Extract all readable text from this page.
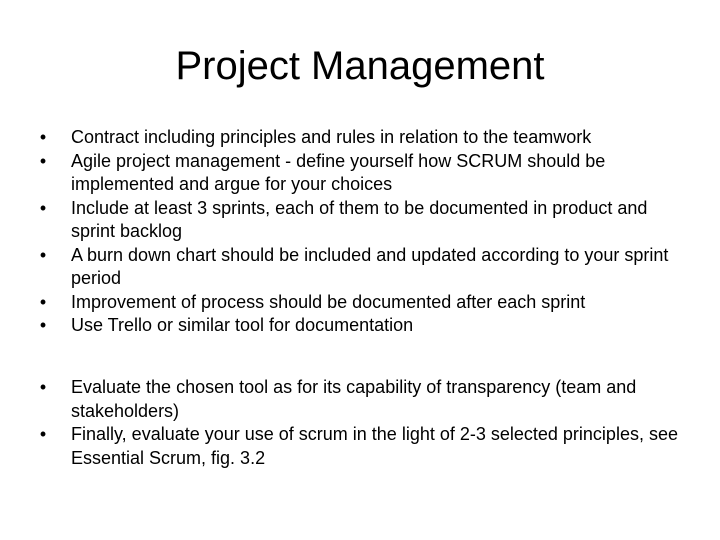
Project Management
• Contract including principles and rules in relation to the teamwork
• Agile project management - define yourself how SCRUM should be implemented and argue for your choices
• Include at least 3 sprints, each of them to be documented in product and sprint backlog
• A burn down chart should be included and updated according to your sprint period
• Improvement of process should be documented after each sprint
• Use Trello or similar tool for documentation
• Evaluate the chosen tool as for its capability of transparency (team and stakeholders)
• Finally, evaluate your use of scrum in the light of 2-3 selected principles, see Essential Scrum, fig. 3.2
